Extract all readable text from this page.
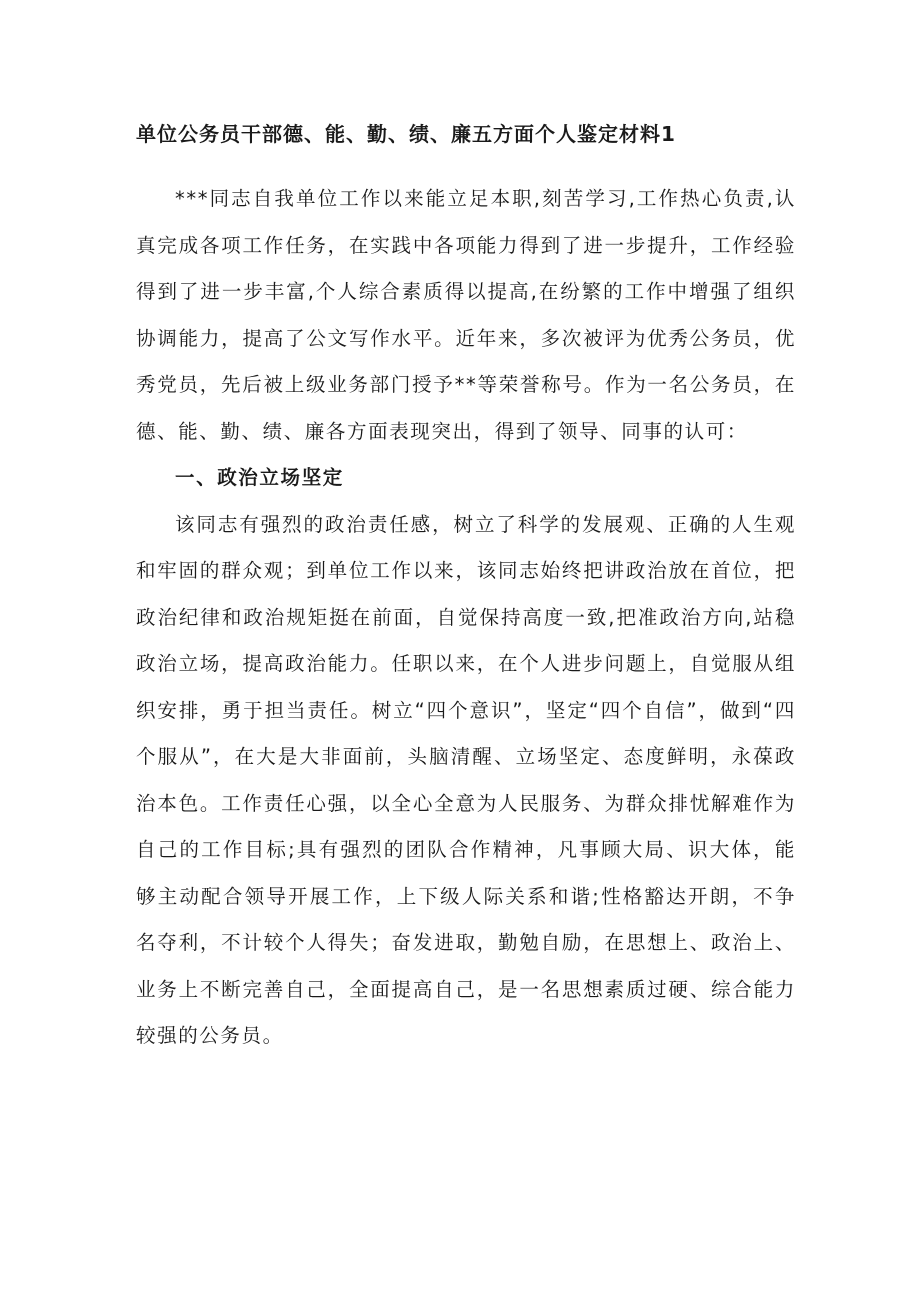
单位公务员干部德、能、勤、绩、廉五方面个人鉴定材料1

***同志自我单位工作以来能立足本职,刻苦学习,工作热心负责,认真完成各项工作任务，在实践中各项能力得到了进一步提升，工作经验得到了进一步丰富,个人综合素质得以提高,在纷繁的工作中增强了组织协调能力，提高了公文写作水平。近年来，多次被评为优秀公务员，优秀党员，先后被上级业务部门授予**等荣誉称号。作为一名公务员，在德、能、勤、绩、廉各方面表现突出，得到了领导、同事的认可：

一、政治立场坚定

该同志有强烈的政治责任感，树立了科学的发展观、正确的人生观和牢固的群众观；到单位工作以来，该同志始终把讲政治放在首位，把政治纪律和政治规矩挺在前面，自觉保持高度一致,把准政治方向,站稳政治立场，提高政治能力。任职以来，在个人进步问题上，自觉服从组织安排，勇于担当责任。树立“四个意识”，坚定“四个自信”，做到“四个服从”，在大是大非面前，头脑清醒、立场坚定、态度鲜明，永葆政治本色。工作责任心强，以全心全意为人民服务、为群众排忧解难作为自己的工作目标;具有强烈的团队合作精神，凡事顾大局、识大体，能够主动配合领导开展工作，上下级人际关系和谐;性格豁达开朗，不争名夺利，不计较个人得失；奋发进取，勤勉自励，在思想上、政治上、业务上不断完善自己，全面提高自己，是一名思想素质过硬、综合能力较强的公务员。
